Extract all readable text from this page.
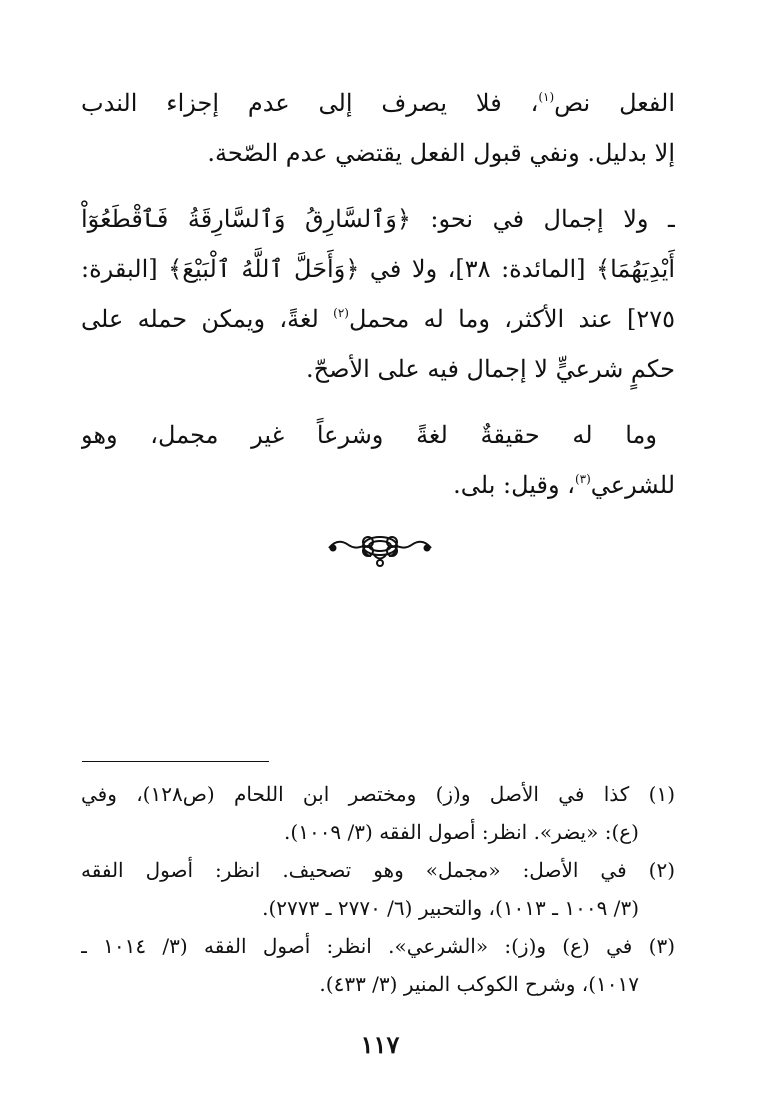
الفعل نص$^{(١)}$، فلا يصرف إلى عدم إجزاء الندب
إلا بدليل. ونفي قبول الفعل يقتضي عدم الصّحة.
ـ ولا إجمال في نحو: ﴿وَٱلسَّارِقُ وَٱلسَّارِقَةُ فَٱقْطَعُوٓاْ
أَيْدِيَهُمَا﴾ [المائدة: ٣٨]، ولا في ﴿وَأَحَلَّ ٱللَّهُ ٱلْبَيْعَ﴾ [البقرة:
٢٧٥] عند الأكثر، وما له محمل$^{(٢)}$ لغةً، ويمكن حمله على
حكمٍ شرعيٍّ لا إجمال فيه على الأصحّ.
وما له حقيقةٌ لغةً وشرعاً غير مجمل، وهو
للشرعي$^{(٣)}$، وقيل: بلى.
(١) كذا في الأصل و(ز) ومختصر ابن اللحام (ص١٢٨)، وفي
(ع): «يضر». انظر: أصول الفقه (٣/ ١٠٠٩).
(٢) في الأصل: «مجمل» وهو تصحيف. انظر: أصول الفقه
(٣/ ١٠٠٩ ـ ١٠١٣)، والتحبير (٦/ ٢٧٧٠ ـ ٢٧٧٣).
(٣) في (ع) و(ز): «الشرعي». انظر: أصول الفقه (٣/ ١٠١٤ ـ
١٠١٧)، وشرح الكوكب المنير (٣/ ٤٣٣).
١١٧
